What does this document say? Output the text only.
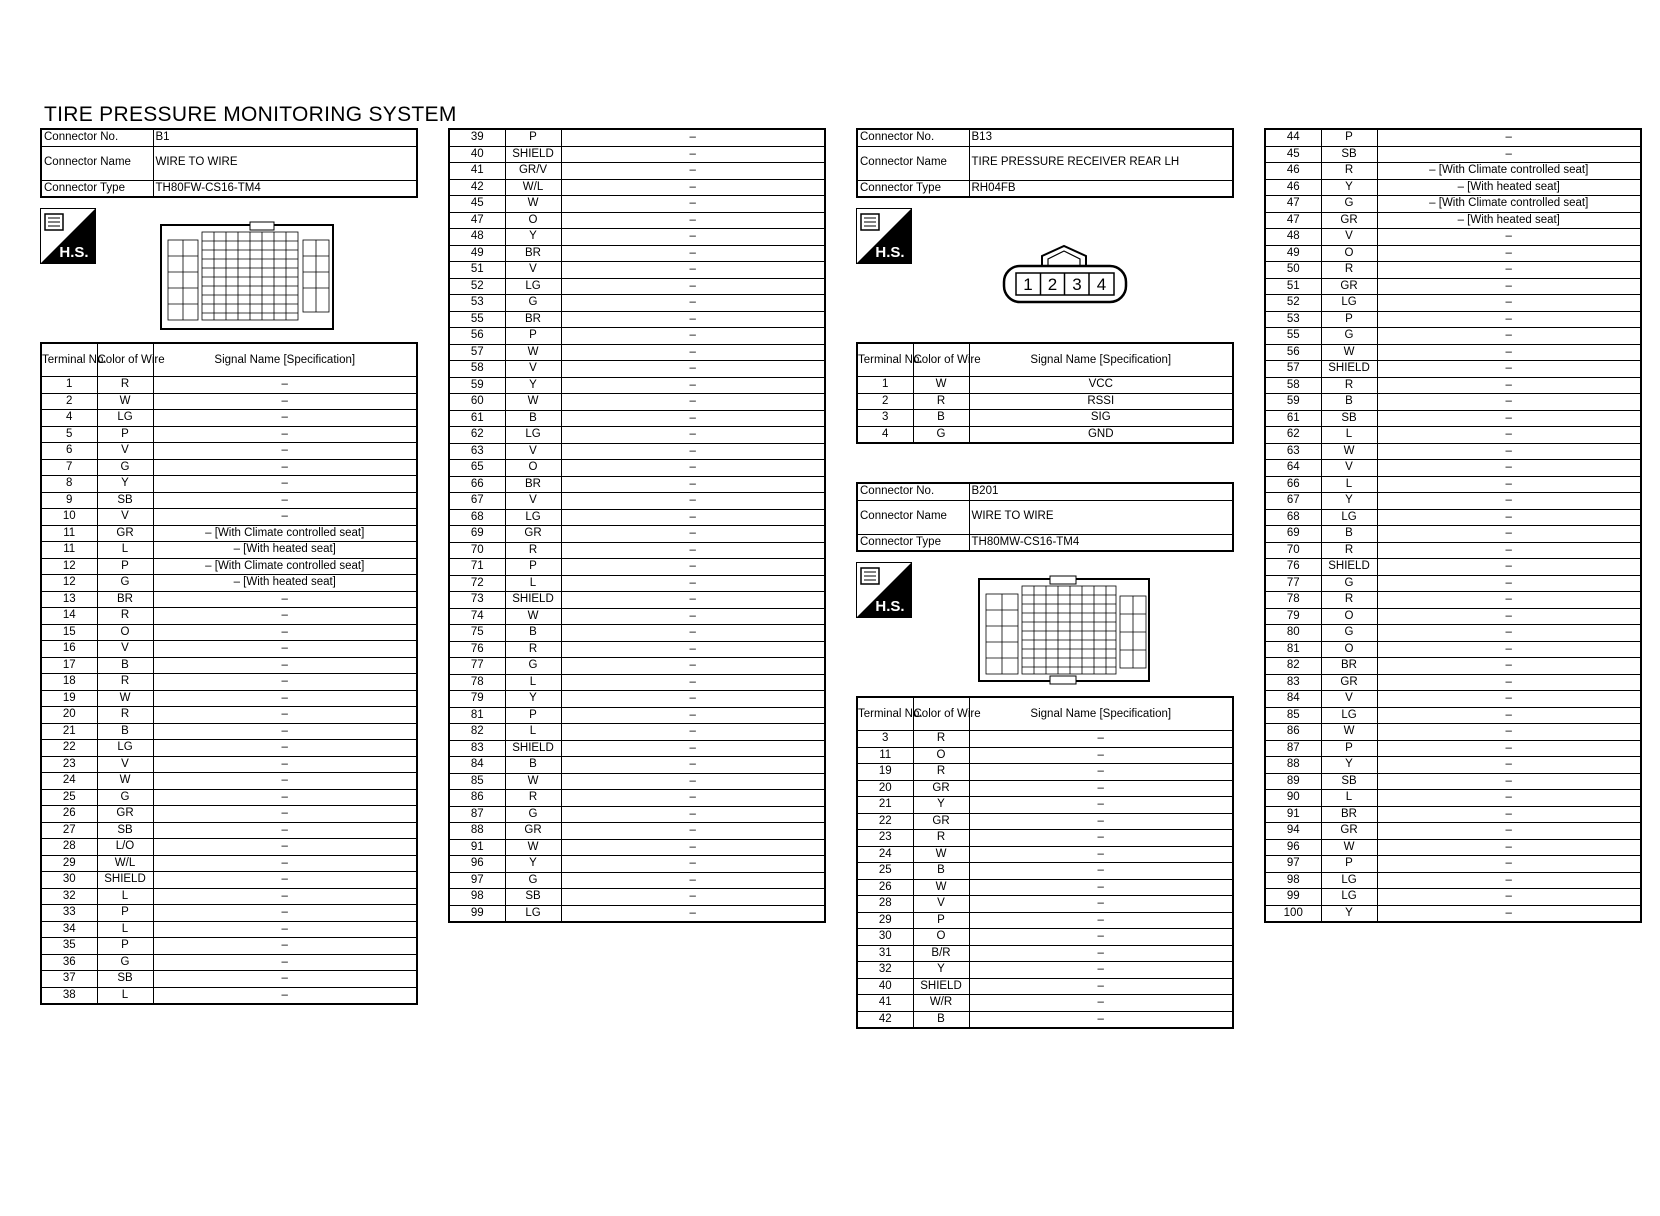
TIRE PRESSURE MONITORING SYSTEM
Connector No.	B1
Connector Name	WIRE TO WIRE
Connector Type	TH80FW-CS16-TM4
H.S.
Terminal No.	Color of Wire	Signal Name [Specification]
1	R	–
2	W	–
4	LG	–
5	P	–
6	V	–
7	G	–
8	Y	–
9	SB	–
10	V	–
11	GR	– [With Climate controlled seat]
11	L	– [With heated seat]
12	P	– [With Climate controlled seat]
12	G	– [With heated seat]
13	BR	–
14	R	–
15	O	–
16	V	–
17	B	–
18	R	–
19	W	–
20	R	–
21	B	–
22	LG	–
23	V	–
24	W	–
25	G	–
26	GR	–
27	SB	–
28	L/O	–
29	W/L	–
30	SHIELD	–
32	L	–
33	P	–
34	L	–
35	P	–
36	G	–
37	SB	–
38	L	–
39	P	–
40	SHIELD	–
41	GR/V	–
42	W/L	–
45	W	–
47	O	–
48	Y	–
49	BR	–
51	V	–
52	LG	–
53	G	–
55	BR	–
56	P	–
57	W	–
58	V	–
59	Y	–
60	W	–
61	B	–
62	LG	–
63	V	–
65	O	–
66	BR	–
67	V	–
68	LG	–
69	GR	–
70	R	–
71	P	–
72	L	–
73	SHIELD	–
74	W	–
75	B	–
76	R	–
77	G	–
78	L	–
79	Y	–
81	P	–
82	L	–
83	SHIELD	–
84	B	–
85	W	–
86	R	–
87	G	–
88	GR	–
91	W	–
96	Y	–
97	G	–
98	SB	–
99	LG	–
Connector No.	B13
Connector Name	TIRE PRESSURE RECEIVER REAR LH
Connector Type	RH04FB
H.S.
1 2 3 4
Terminal No.	Color of Wire	Signal Name [Specification]
1	W	VCC
2	R	RSSI
3	B	SIG
4	G	GND
Connector No.	B201
Connector Name	WIRE TO WIRE
Connector Type	TH80MW-CS16-TM4
H.S.
Terminal No.	Color of Wire	Signal Name [Specification]
3	R	–
11	O	–
19	R	–
20	GR	–
21	Y	–
22	GR	–
23	R	–
24	W	–
25	B	–
26	W	–
28	V	–
29	P	–
30	O	–
31	B/R	–
32	Y	–
40	SHIELD	–
41	W/R	–
42	B	–
44	P	–
45	SB	–
46	R	– [With Climate controlled seat]
46	Y	– [With heated seat]
47	G	– [With Climate controlled seat]
47	GR	– [With heated seat]
48	V	–
49	O	–
50	R	–
51	GR	–
52	LG	–
53	P	–
55	G	–
56	W	–
57	SHIELD	–
58	R	–
59	B	–
61	SB	–
62	L	–
63	W	–
64	V	–
66	L	–
67	Y	–
68	LG	–
69	B	–
70	R	–
76	SHIELD	–
77	G	–
78	R	–
79	O	–
80	G	–
81	O	–
82	BR	–
83	GR	–
84	V	–
85	LG	–
86	W	–
87	P	–
88	Y	–
89	SB	–
90	L	–
91	BR	–
94	GR	–
96	W	–
97	P	–
98	LG	–
99	LG	–
100	Y	–
